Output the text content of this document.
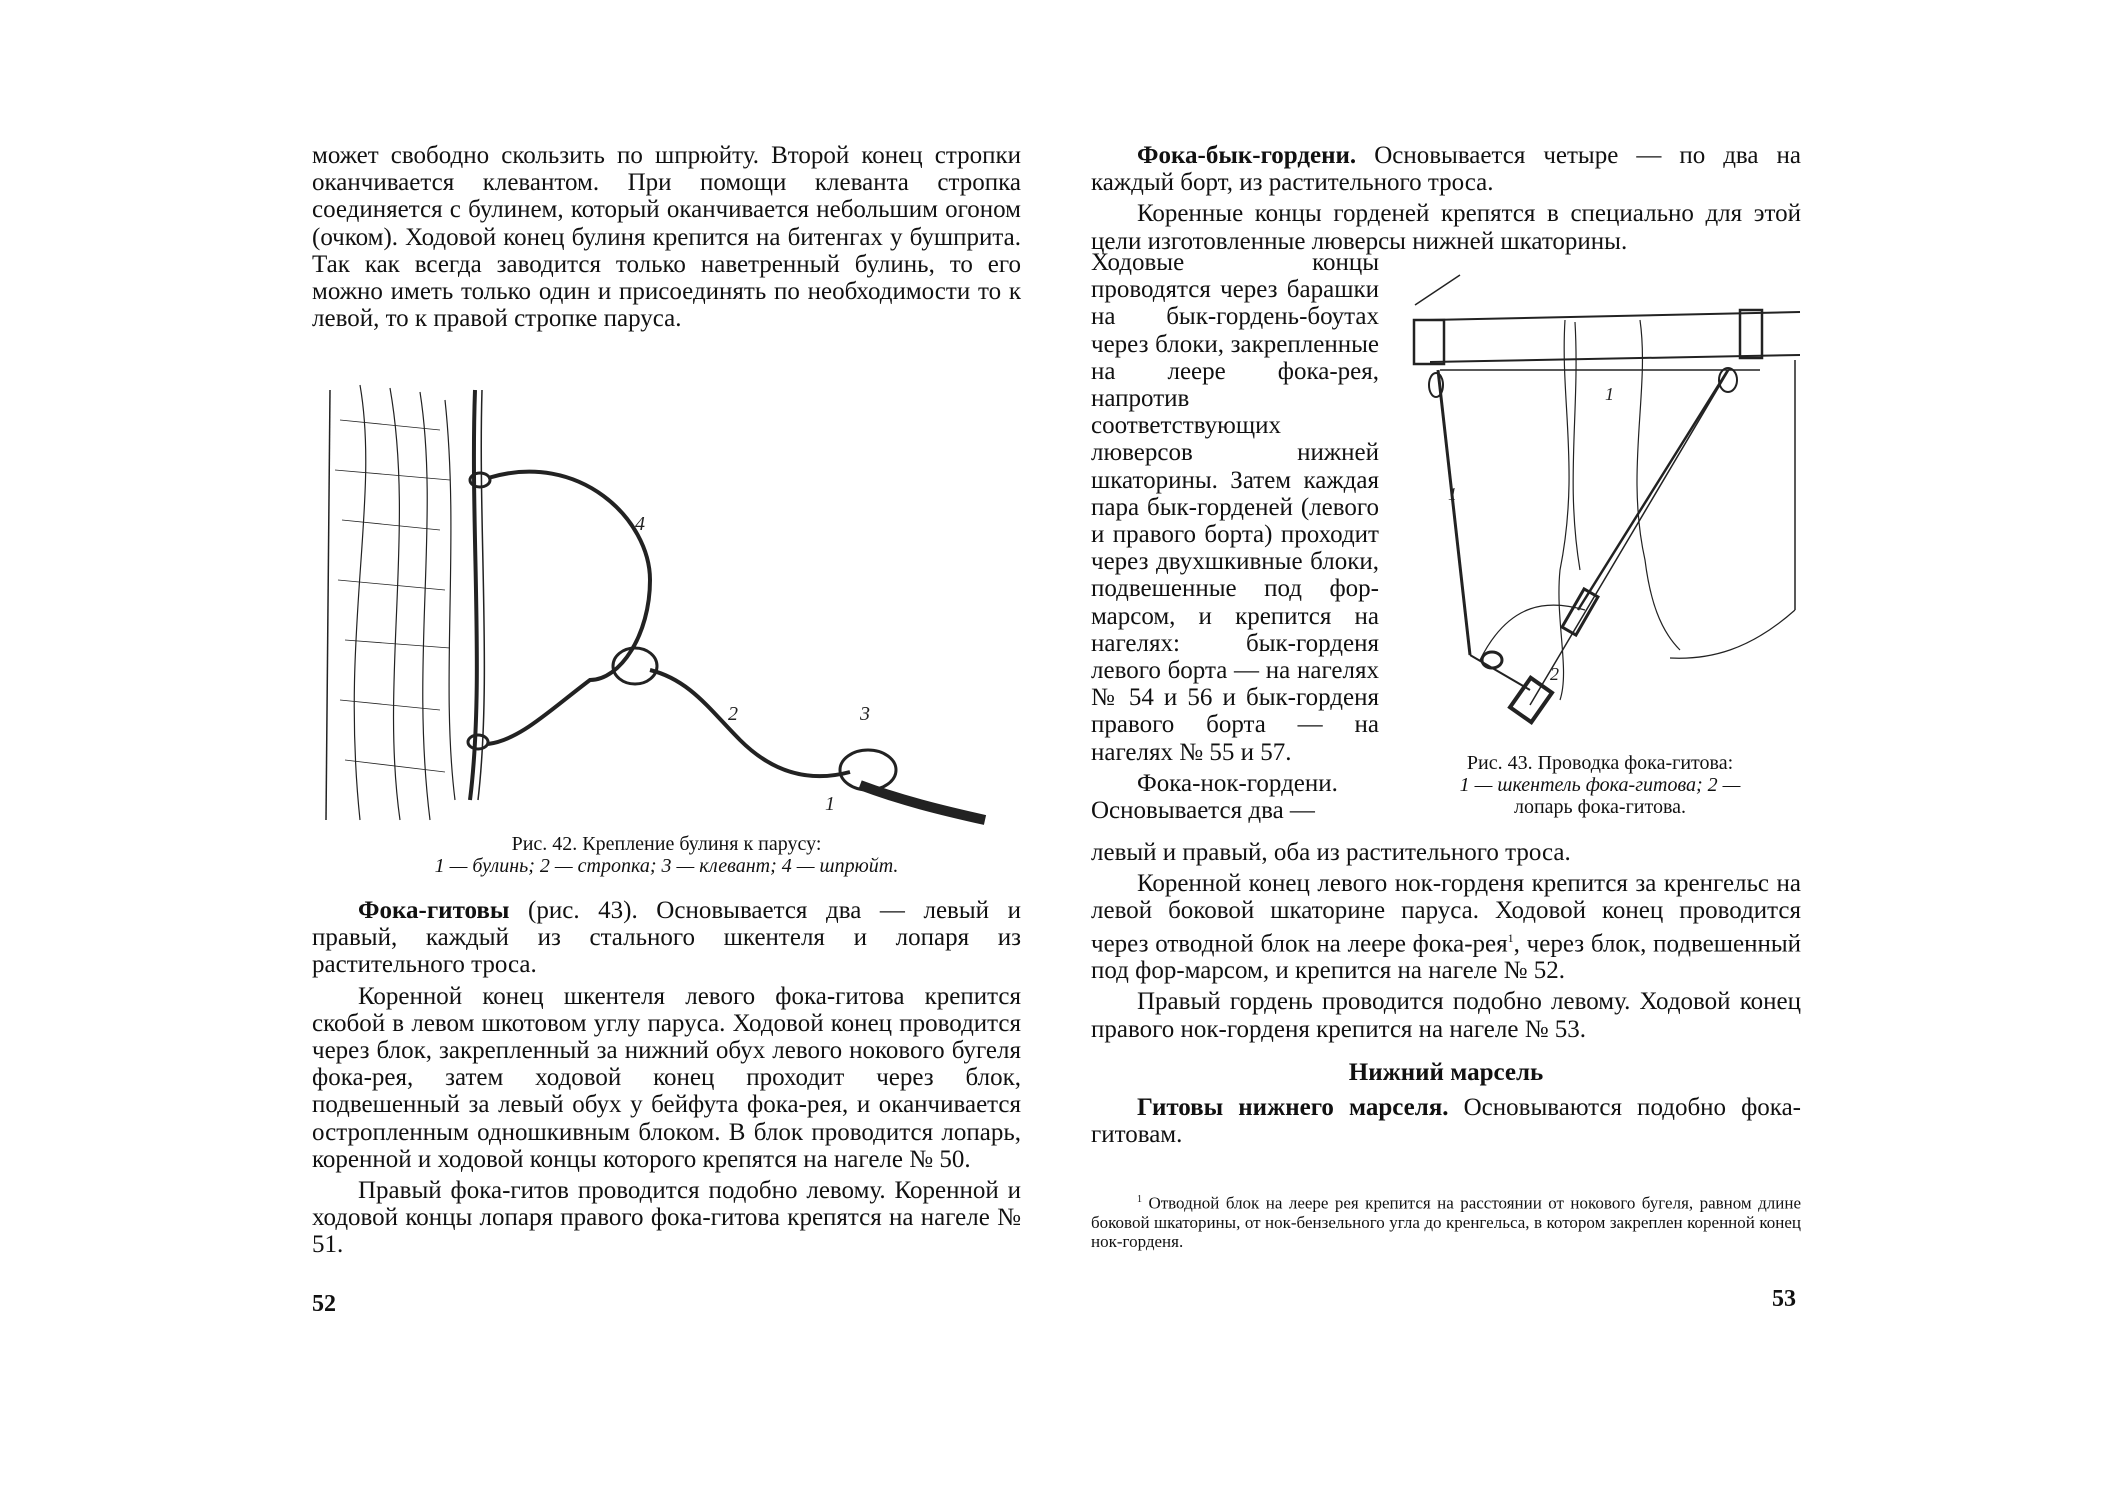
может свободно скользить по шпрюйту. Второй конец стропки оканчивается клевантом. При помощи клеванта стропка соединяется с булинем, который оканчивается небольшим огоном (очком). Ходовой конец булиня крепится на битенгах у бушприта. Так как всегда заводится только наветренный булинь, то его можно иметь только один и присоединять по необходимости то к левой, то к правой стропке паруса.

4
2	3
1
Рис. 42. Крепление булиня к парусу:
1 — булинь; 2 — стропка; 3 — клевант; 4 — шпрюйт.

Фока-гитовы (рис. 43). Основывается два — левый и правый, каждый из стального шкентеля и лопаря из растительного троса.

Коренной конец шкентеля левого фока-гитова крепится скобой в левом шкотовом углу паруса. Ходовой конец проводится через блок, закрепленный за нижний обух левого нокового бугеля фока-рея, затем ходовой конец проходит через блок, подвешенный за левый обух у бейфута фока-рея, и оканчивается остропленным одношкивным блоком. В блок проводится лопарь, коренной и ходовой концы которого крепятся на нагеле № 50.

Правый фока-гитов проводится подобно левому. Коренной и ходовой концы лопаря правого фока-гитова крепятся на нагеле № 51.

52

Фока-бык-гордени. Основывается четыре — по два на каждый борт, из растительного троса.

Коренные концы горденей крепятся в специально для этой цели изготовленные люверсы нижней шкаторины.

Ходовые концы проводятся через барашки на бык-гордень-боутах через блоки, закрепленные на леере фока-рея, напротив соответствующих люверсов нижней шкаторины. Затем каждая пара бык-горденей (левого и правого борта) проходит через двухшкивные блоки, подвешенные под фор-марсом, и крепится на нагелях: бык-горденя левого борта — на нагелях № 54 и 56 и бык-горденя правого борта — на нагелях № 55 и 57.

Фока-нок-гордени.

Основывается два —

1
1
2
Рис. 43. Проводка фока-гитова:
1 — шкентель фока-гитова; 2 —
лопарь фока-гитова.

левый и правый, оба из растительного троса.

Коренной конец левого нок-горденя крепится за кренгельс на левой боковой шкаторине паруса. Ходовой конец проводится через отводной блок на леере фока-рея$^1$, через блок, подвешенный под фор-марсом, и крепится на нагеле № 52.

Правый гордень проводится подобно левому. Ходовой конец правого нок-горденя крепится на нагеле № 53.

Нижний марсель

Гитовы нижнего марселя. Основываются подобно фока-гитовам.

$^1$ Отводной блок на леере рея крепится на расстоянии от нокового бугеля, равном длине боковой шкаторины, от нок-бензельного угла до кренгельса, в котором закреплен коренной конец нок-горденя.
53
